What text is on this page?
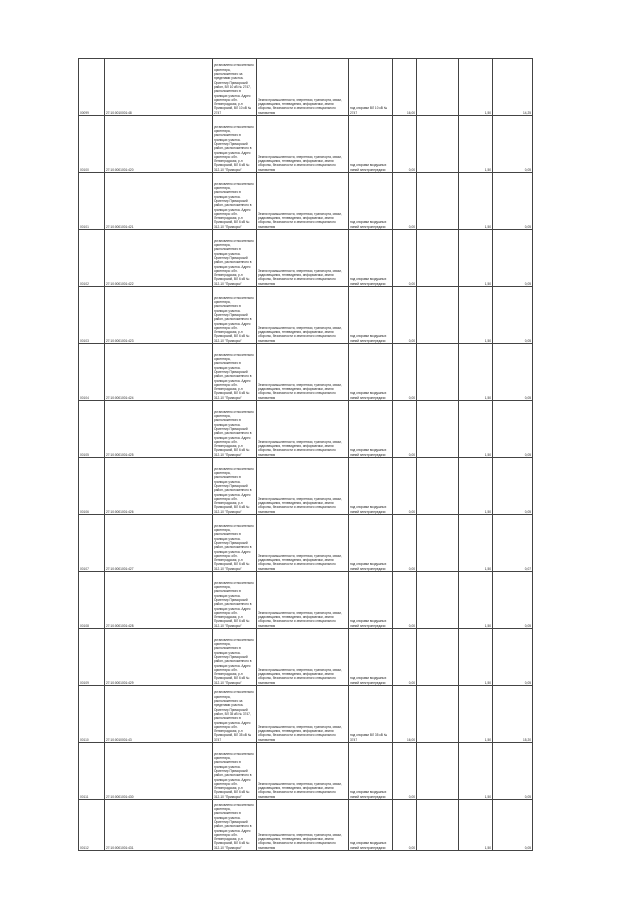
00099	27:10:0010001:48	установлено относительно ориентира, расположенного за пределами участка. Ориентир Приморский район, ВЛ 10 кВ № 2747, расположенного в границах участка. Адрес ориентира: обл. Ленинградская, р-н Приморский, ВЛ 10 кВ № 2747	Земли промышленности, энергетики, транспорта, связи, радиовещания, телевидения, информатики, земли обороны, безопасности и земли иного специального назначения	под опорами ВЛ 10 кВ № 2747	16,00		1,50	14,25
00100	27:10:0001001:420	установлено относительно ориентира, расположенного в границах участка. Ориентир Приморский район, расположенного в границах участка. Адрес ориентира: обл. Ленинградская, р-н Приморский, ВЛ 6 кВ № 312-10 "Приморск"	Земли промышленности, энергетики, транспорта, связи, радиовещания, телевидения, информатики, земли обороны, безопасности и земли иного специального назначения	под опорами воздушных линий электропередачи	0,00		1,50	0,05
00101	27:10:0001001:421	установлено относительно ориентира, расположенного в границах участка. Ориентир Приморский район, расположенного в границах участка. Адрес ориентира: обл. Ленинградская, р-н Приморский, ВЛ 6 кВ № 312-10 "Приморск"	Земли промышленности, энергетики, транспорта, связи, радиовещания, телевидения, информатики, земли обороны, безопасности и земли иного специального назначения	под опорами воздушных линий электропередачи	0,00		1,50	0,05
00102	27:10:0001001:422	установлено относительно ориентира, расположенного в границах участка. Ориентир Приморский район, расположенного в границах участка. Адрес ориентира: обл. Ленинградская, р-н Приморский, ВЛ 6 кВ № 312-10 "Приморск"	Земли промышленности, энергетики, транспорта, связи, радиовещания, телевидения, информатики, земли обороны, безопасности и земли иного специального назначения	под опорами воздушных линий электропередачи	0,00		1,50	0,05
00103	27:10:0001001:423	установлено относительно ориентира, расположенного в границах участка. Ориентир Приморский район, расположенного в границах участка. Адрес ориентира: обл. Ленинградская, р-н Приморский, ВЛ 6 кВ № 312-10 "Приморск"	Земли промышленности, энергетики, транспорта, связи, радиовещания, телевидения, информатики, земли обороны, безопасности и земли иного специального назначения	под опорами воздушных линий электропередачи	0,00		1,50	0,05
00104	27:10:0001001:424	установлено относительно ориентира, расположенного в границах участка. Ориентир Приморский район, расположенного в границах участка. Адрес ориентира: обл. Ленинградская, р-н Приморский, ВЛ 6 кВ № 312-10 "Приморск"	Земли промышленности, энергетики, транспорта, связи, радиовещания, телевидения, информатики, земли обороны, безопасности и земли иного специального назначения	под опорами воздушных линий электропередачи	0,00		1,50	0,05
00105	27:10:0001001:425	установлено относительно ориентира, расположенного в границах участка. Ориентир Приморский район, расположенного в границах участка. Адрес ориентира: обл. Ленинградская, р-н Приморский, ВЛ 6 кВ № 312-10 "Приморск"	Земли промышленности, энергетики, транспорта, связи, радиовещания, телевидения, информатики, земли обороны, безопасности и земли иного специального назначения	под опорами воздушных линий электропередачи	0,00		1,50	0,05
00106	27:10:0001001:426	установлено относительно ориентира, расположенного в границах участка. Ориентир Приморский район, расположенного в границах участка. Адрес ориентира: обл. Ленинградская, р-н Приморский, ВЛ 6 кВ № 312-10 "Приморск"	Земли промышленности, энергетики, транспорта, связи, радиовещания, телевидения, информатики, земли обороны, безопасности и земли иного специального назначения	под опорами воздушных линий электропередачи	0,00		1,50	0,05
00107	27:10:0001001:427	установлено относительно ориентира, расположенного в границах участка. Ориентир Приморский район, расположенного в границах участка. Адрес ориентира: обл. Ленинградская, р-н Приморский, ВЛ 6 кВ № 312-10 "Приморск"	Земли промышленности, энергетики, транспорта, связи, радиовещания, телевидения, информатики, земли обороны, безопасности и земли иного специального назначения	под опорами воздушных линий электропередачи	0,00		1,50	0,07
00108	27:10:0001001:428	установлено относительно ориентира, расположенного в границах участка. Ориентир Приморский район, расположенного в границах участка. Адрес ориентира: обл. Ленинградская, р-н Приморский, ВЛ 6 кВ № 312-10 "Приморск"	Земли промышленности, энергетики, транспорта, связи, радиовещания, телевидения, информатики, земли обороны, безопасности и земли иного специального назначения	под опорами воздушных линий электропередачи	0,00		1,50	0,05
00109	27:10:0001001:429	установлено относительно ориентира, расположенного в границах участка. Ориентир Приморский район, расположенного в границах участка. Адрес ориентира: обл. Ленинградская, р-н Приморский, ВЛ 6 кВ № 312-10 "Приморск"	Земли промышленности, энергетики, транспорта, связи, радиовещания, телевидения, информатики, земли обороны, безопасности и земли иного специального назначения	под опорами воздушных линий электропередачи	0,00		1,50	0,05
00110	27:10:0010001:43	установлено относительно ориентира, расположенного за пределами участка. Ориентир Приморский район, ВЛ 35 кВ № 3747, расположенного в границах участка. Адрес ориентира: обл. Ленинградская, р-н Приморский, ВЛ 35 кВ № 3747	Земли промышленности, энергетики, транспорта, связи, радиовещания, телевидения, информатики, земли обороны, безопасности и земли иного специального назначения	под опорами ВЛ 35 кВ № 3747	16,00		1,50	15,20
00111	27:10:0001001:430	установлено относительно ориентира, расположенного в границах участка. Ориентир Приморский район, расположенного в границах участка. Адрес ориентира: обл. Ленинградская, р-н Приморский, ВЛ 6 кВ № 312-10 "Приморск"	Земли промышленности, энергетики, транспорта, связи, радиовещания, телевидения, информатики, земли обороны, безопасности и земли иного специального назначения	под опорами воздушных линий электропередачи	0,00		1,50	0,05
00112	27:10:0001001:431	установлено относительно ориентира, расположенного в границах участка. Ориентир Приморский район, расположенного в границах участка. Адрес ориентира: обл. Ленинградская, р-н Приморский, ВЛ 6 кВ № 312-10 "Приморск"	Земли промышленности, энергетики, транспорта, связи, радиовещания, телевидения, информатики, земли обороны, безопасности и земли иного специального назначения	под опорами воздушных линий электропередачи	0,00		1,50	0,05
